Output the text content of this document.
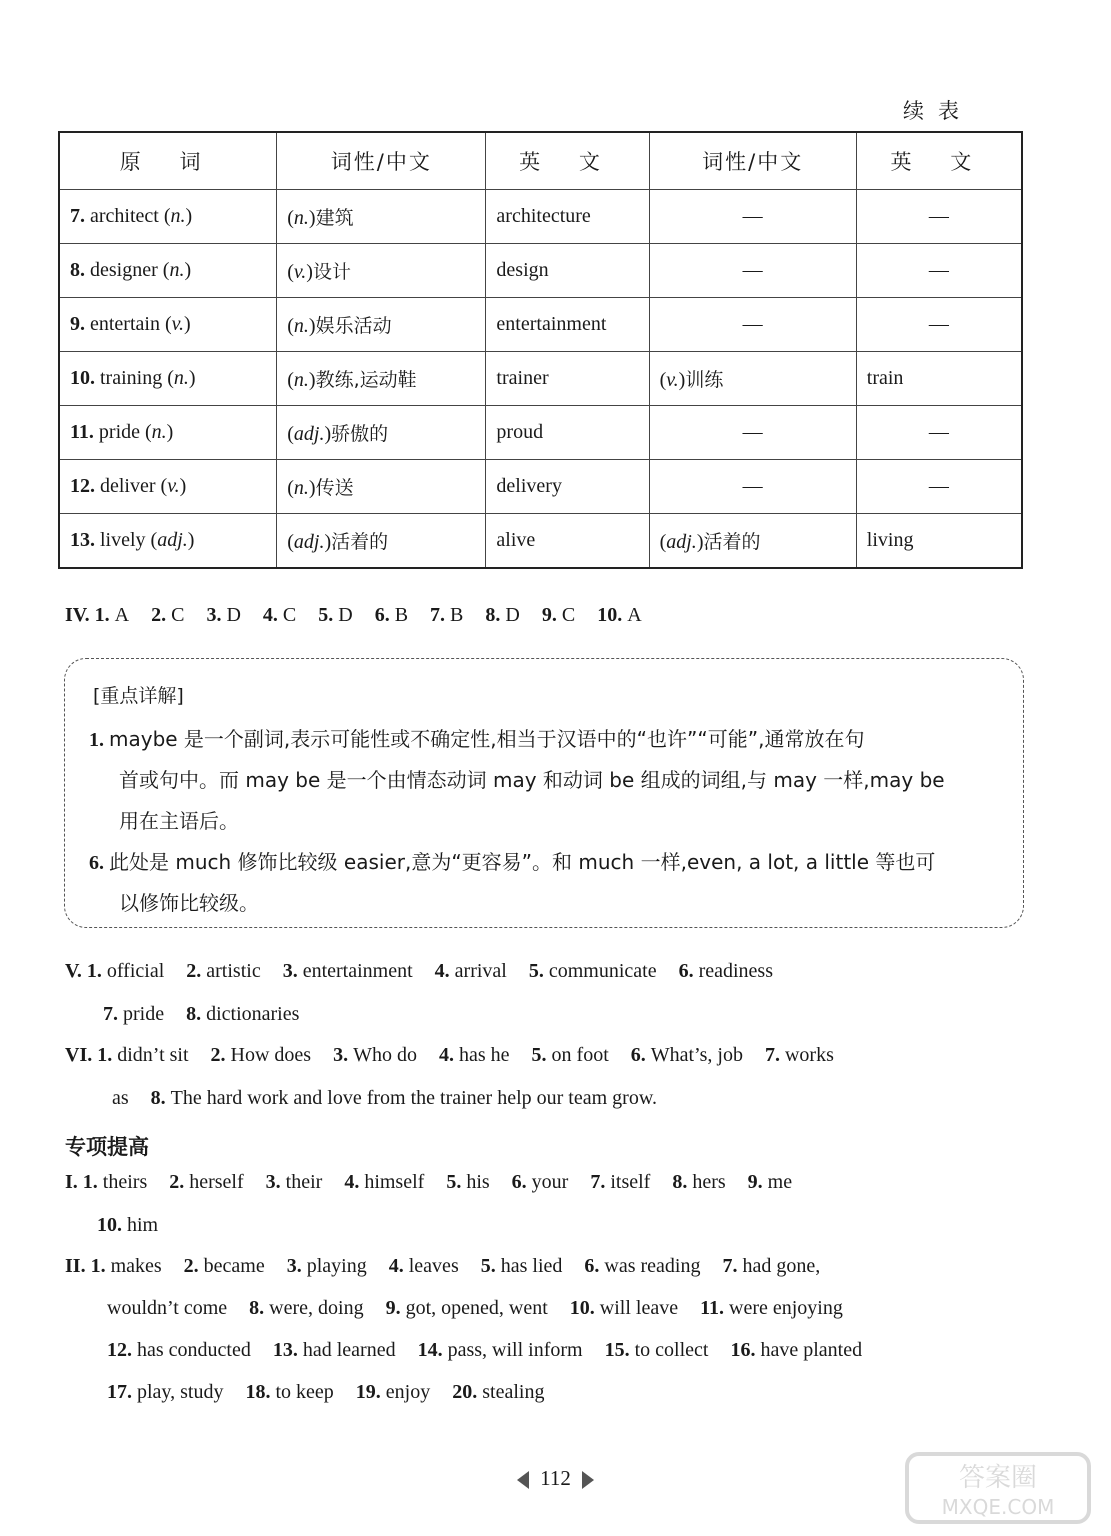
续表
原 词	词性/中文	英 文	词性/中文	英 文
7. architect (n.)	(n.)建筑	architecture	—	—
8. designer (n.)	(v.)设计	design	—	—
9. entertain (v.)	(n.)娱乐活动	entertainment	—	—
10. training (n.)	(n.)教练,运动鞋	trainer	(v.)训练	train
11. pride (n.)	(adj.)骄傲的	proud	—	—
12. deliver (v.)	(n.)传送	delivery	—	—
13. lively (adj.)	(adj.)活着的	alive	(adj.)活着的	living
IV. 1. A 2. C 3. D 4. C 5. D 6. B 7. B 8. D 9. C 10. A
[重点详解]
1. maybe 是一个副词,表示可能性或不确定性,相当于汉语中的“也许”“可能”,通常放在句
首或句中。而 may be 是一个由情态动词 may 和动词 be 组成的词组,与 may 一样,may be
用在主语后。
6. 此处是 much 修饰比较级 easier,意为“更容易”。和 much 一样,even, a lot, a little 等也可
以修饰比较级。
V. 1. official 2. artistic 3. entertainment 4. arrival 5. communicate 6. readiness
7. pride 8. dictionaries
VI. 1. didn’t sit 2. How does 3. Who do 4. has he 5. on foot 6. What’s, job 7. works
as 8. The hard work and love from the trainer help our team grow.
专项提高
I. 1. theirs 2. herself 3. their 4. himself 5. his 6. your 7. itself 8. hers 9. me
10. him
II. 1. makes 2. became 3. playing 4. leaves 5. has lied 6. was reading 7. had gone,
wouldn’t come 8. were, doing 9. got, opened, went 10. will leave 11. were enjoying
12. has conducted 13. had learned 14. pass, will inform 15. to collect 16. have planted
17. play, study 18. to keep 19. enjoy 20. stealing
112	答案圈
MXQE.COM
